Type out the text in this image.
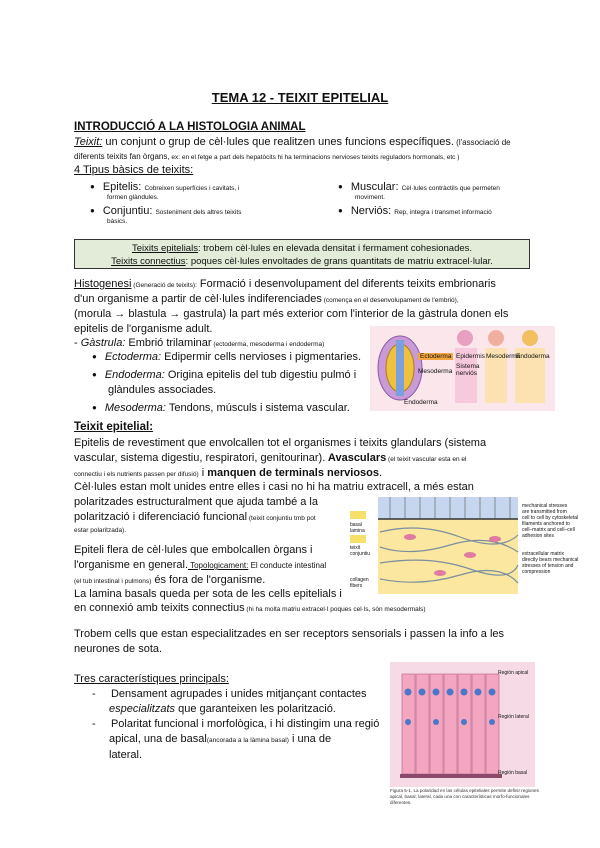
TEMA 12 - TEIXIT EPITELIAL
INTRODUCCIÓ A LA HISTOLOGIA ANIMAL
Teixit: un conjunt o grup de cèl·lules que realitzen unes funcions específiques. (l'associació de
diferents teixits fan òrgans, ex: en el fetge a part dels hepatòcits hi ha terminacions nervioses teixits reguladors hormonals, etc )
4 Tipus bàsics de teixits:
● Epitelis: Cobreixen superfícies i cavitats, i
formen glàndules.
● Conjuntiu: Sosteniment dels altres teixits
bàsics.
● Muscular: Cèl·lules contràctils que permeten
moviment.
● Nerviós: Rep, integra i transmet informació
Teixits epitelials: trobem cèl·lules en elevada densitat i fermament cohesionades.
Teixits connectius: poques cèl·lules envoltades de grans quantitats de matriu extracel·lular.
Histogenesi (Generació de teixits): Formació i desenvolupament del diferents teixits embrionaris
d'un organisme a partir de cèl·lules indiferenciades (comença en el desenvolupament de l'embrió),
(morula → blastula → gastrula) la part més exterior com l'interior de la gàstrula donen els
epitelis de l'organisme adult.
- Gàstrula: Embrió trilaminar (ectoderma, mesoderma i endoderma)
● Ectoderma: Edipermir cells nervioses i pigmentaries.
● Endoderma: Origina epitelis del tub digestiu pulmó i
glàndules associades.
● Mesoderma: Tendons, músculs i sistema vascular.
Ectoderma
Mesoderma
Endoderma
Epidermis
Sistema nerviós
Mesoderma
Endoderma
Teixit epitelial:
Epitelis de revestiment que envolcallen tot el organismes i teixits glandulars (sistema
vascular, sistema digestiu, respiratori, genitourinar). Avasculars (el teixit vascular esta en el
connectiu i els nutrients passen per difusió) i manquen de terminals nerviosos.
Cèl·lules estan molt unides entre elles i casi no hi ha matriu extracell, a més estan
polaritzades estructuralment que ajuda també a la
polarització i diferenciació funcional (teixit conjuntiu tmb pot
estar polaritzada).
Epiteli flera de cèl·lules que embolcallen òrgans i
l'organisme en general. Topologicament: El conducte intestinal
(el tub intestinal i pulmons) és fora de l'organisme.
La lamina basals queda per sota de les cells epitelials i
en connexió amb teixits connectius (hi ha molta matriu extracel·l poques cel·ls, són mesodermals)
basal lamina
teixit conjuntiu
collagen fibers
mechanical stresses
are transmitted from
cell to cell by cytoskeletal
filaments anchored to
cell–matrix and cell–cell
adhesion sites
extracellular matrix
directly bears mechanical
stresses of tension and
compression
Trobem cells que estan especialitzades en ser receptors sensorials i passen la info a les
neurones de sota.
Tres característiques principals:
-     Densament agrupades i unides mitjançant contactes
especialitzats que garanteixen les polarització.
-     Polaritat funcional i morfològica, i hi distingim una regió
apical, una de basal(ancorada a la làmina basal) i una de
lateral.
Región apical
Región lateral
Región basal
Figura 5-1. La polaridad en las células epiteliales permite definir regiones apical, basal, lateral, cada una con características morfo-funcionales diferentes.
